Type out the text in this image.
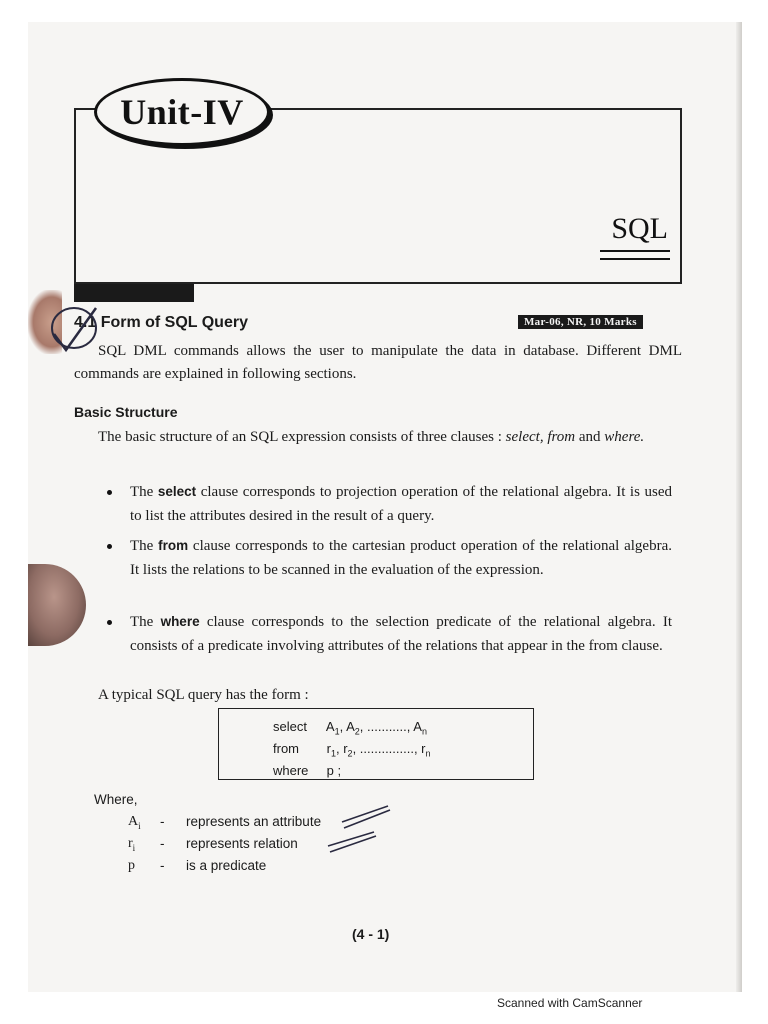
Unit-IV
SQL
4.1 Form of SQL Query	Mar-06, NR, 10 Marks
SQL DML commands allows the user to manipulate the data in database. Different DML commands are explained in following sections.
Basic Structure
The basic structure of an SQL expression consists of three clauses : select, from and where.
The select clause corresponds to projection operation of the relational algebra. It is used to list the attributes desired in the result of a query.
The from clause corresponds to the cartesian product operation of the relational algebra. It lists the relations to be scanned in the evaluation of the expression.
The where clause corresponds to the selection predicate of the relational algebra. It consists of a predicate involving attributes of the relations that appear in the from clause.
A typical SQL query has the form :
select $A_1$, $A_2$, ..........., $A_n$
from $r_1$, $r_2$, ..............., $r_n$
where p ;
Where,
$A_i$	- represents an attribute
$r_i$	- represents relation
p	- is a predicate
(4 - 1)
Scanned with CamScanner
